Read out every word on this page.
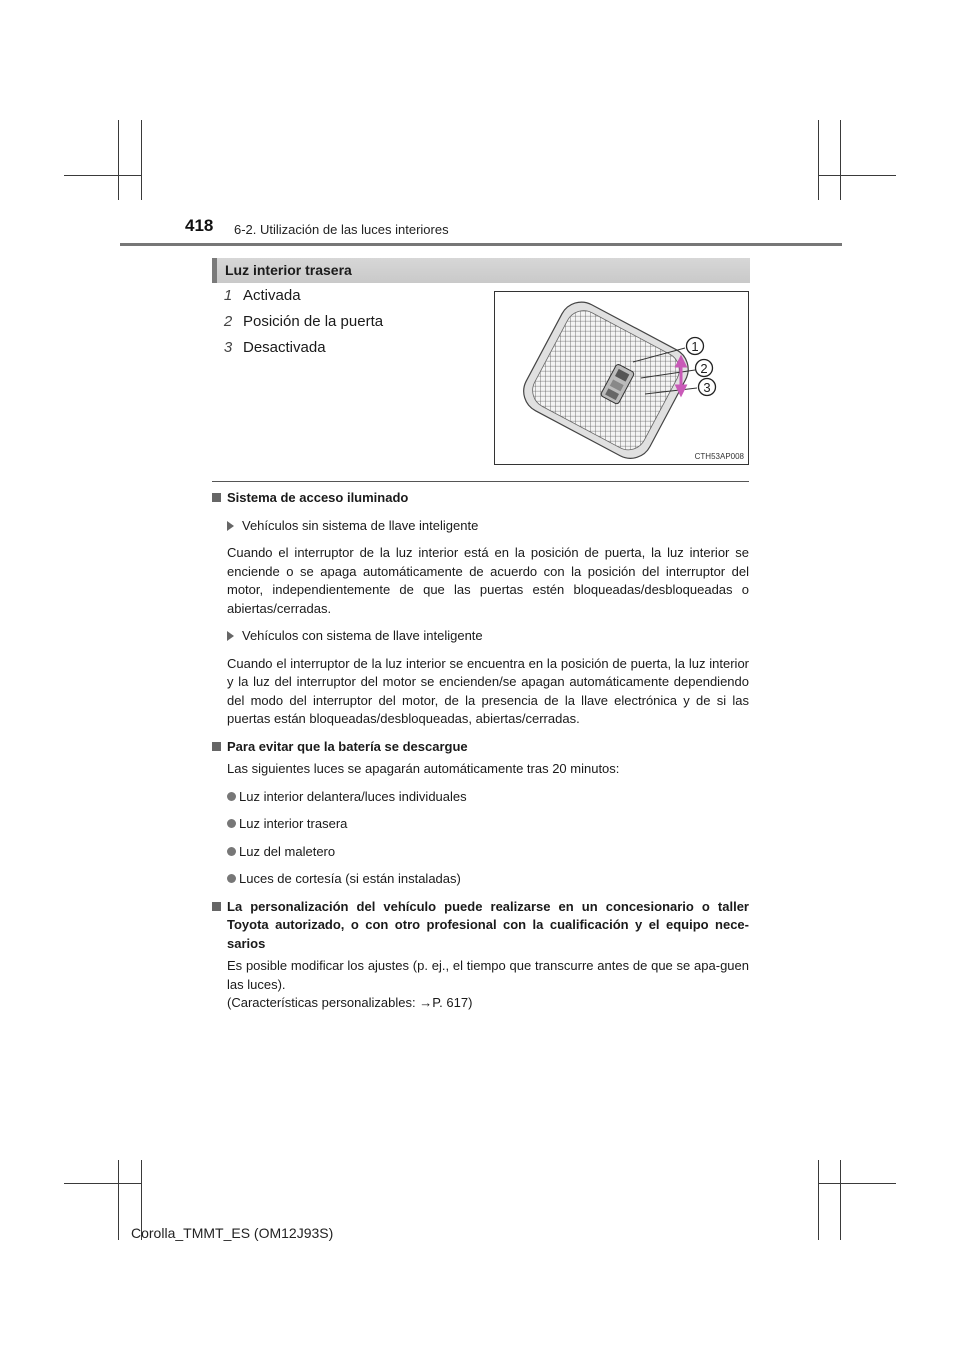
418 6-2. Utilización de las luces interiores
Luz interior trasera
1 Activada
2 Posición de la puerta
3 Desactivada	1
2
3
CTH53AP008
Sistema de acceso iluminado
Vehículos sin sistema de llave inteligente

Cuando el interruptor de la luz interior está en la posición de puerta, la luz interior se enciende o se apaga automáticamente de acuerdo con la posición del interruptor del motor, independientemente de que las puertas estén bloqueadas/desbloqueadas o abiertas/cerradas.

Vehículos con sistema de llave inteligente

Cuando el interruptor de la luz interior se encuentra en la posición de puerta, la luz interior y la luz del interruptor del motor se encienden/se apagan automáticamente dependiendo del modo del interruptor del motor, de la presencia de la llave electrónica y de si las puertas están bloqueadas/desbloqueadas, abiertas/cerradas.

Para evitar que la batería se descargue

Las siguientes luces se apagarán automáticamente tras 20 minutos:

Luz interior delantera/luces individuales
Luz interior trasera
Luz del maletero
Luces de cortesía (si están instaladas)
La personalización del vehículo puede realizarse en un concesionario o taller Toyota autorizado, o con otro profesional con la cualificación y el equipo nece-sarios

Es posible modificar los ajustes (p. ej., el tiempo que transcurre antes de que se apa-guen las luces).
(Características personalizables: →P. 617)

Corolla_TMMT_ES (OM12J93S)
